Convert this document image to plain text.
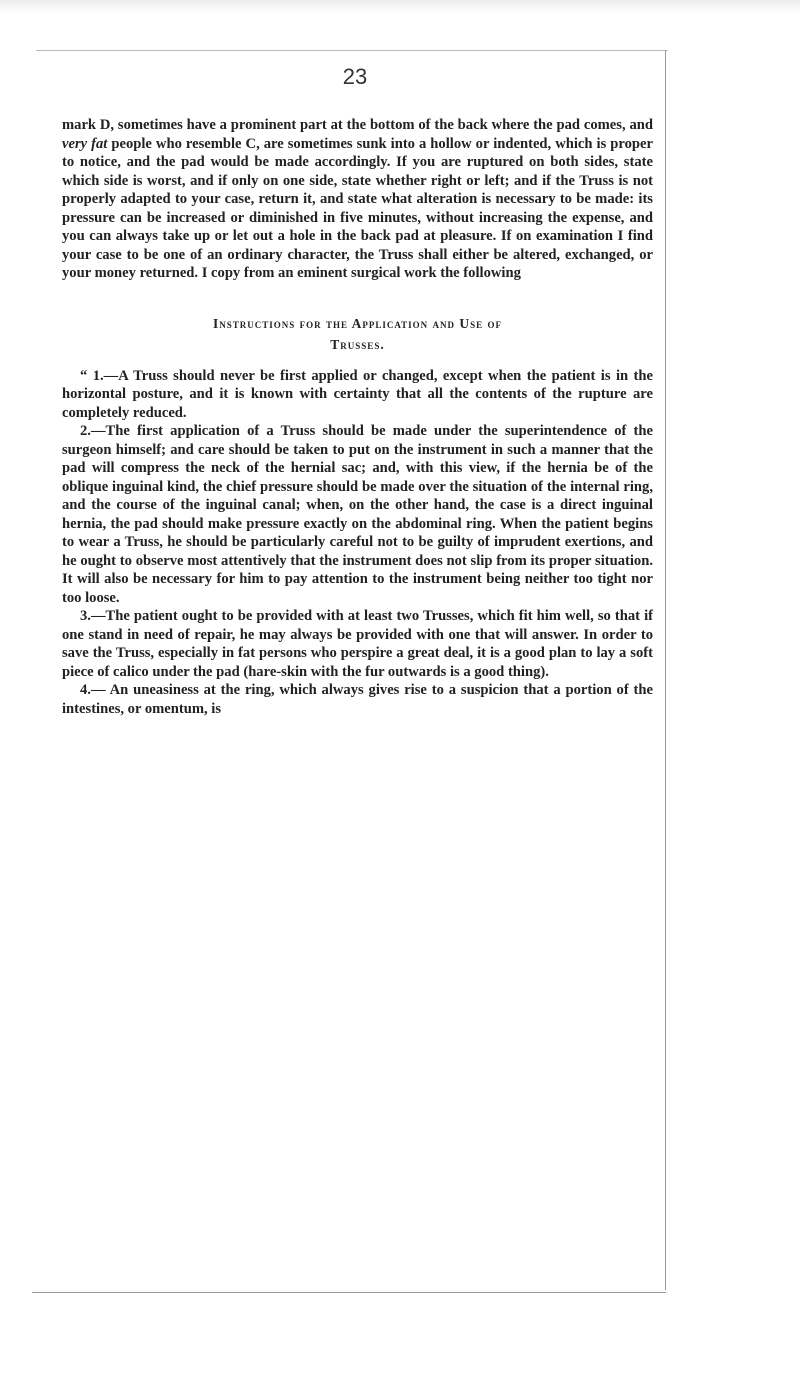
23

mark D, sometimes have a prominent part at the bottom of the back where the pad comes, and very fat people who resemble C, are sometimes sunk into a hollow or indented, which is proper to notice, and the pad would be made accordingly. If you are ruptured on both sides, state which side is worst, and if only on one side, state whether right or left; and if the Truss is not properly adapted to your case, return it, and state what alteration is necessary to be made: its pressure can be increased or diminished in five minutes, without increasing the expense, and you can always take up or let out a hole in the back pad at pleasure. If on examination I find your case to be one of an ordinary character, the Truss shall either be altered, exchanged, or your money returned. I copy from an eminent surgical work the following

Instructions for the Application and Use of
Trusses.

“ 1.—A Truss should never be first applied or changed, except when the patient is in the horizontal posture, and it is known with certainty that all the contents of the rupture are completely reduced.

2.—The first application of a Truss should be made under the superintendence of the surgeon himself; and care should be taken to put on the instrument in such a manner that the pad will compress the neck of the hernial sac; and, with this view, if the hernia be of the oblique inguinal kind, the chief pressure should be made over the situation of the internal ring, and the course of the inguinal canal; when, on the other hand, the case is a direct inguinal hernia, the pad should make pressure exactly on the abdominal ring. When the patient begins to wear a Truss, he should be particularly careful not to be guilty of imprudent exertions, and he ought to observe most attentively that the instrument does not slip from its proper situation. It will also be necessary for him to pay attention to the instrument being neither too tight nor too loose.

3.—The patient ought to be provided with at least two Trusses, which fit him well, so that if one stand in need of repair, he may always be provided with one that will answer. In order to save the Truss, especially in fat persons who perspire a great deal, it is a good plan to lay a soft piece of calico under the pad (hare-skin with the fur outwards is a good thing).

4.— An uneasiness at the ring, which always gives rise to a suspicion that a portion of the intestines, or omentum, is
